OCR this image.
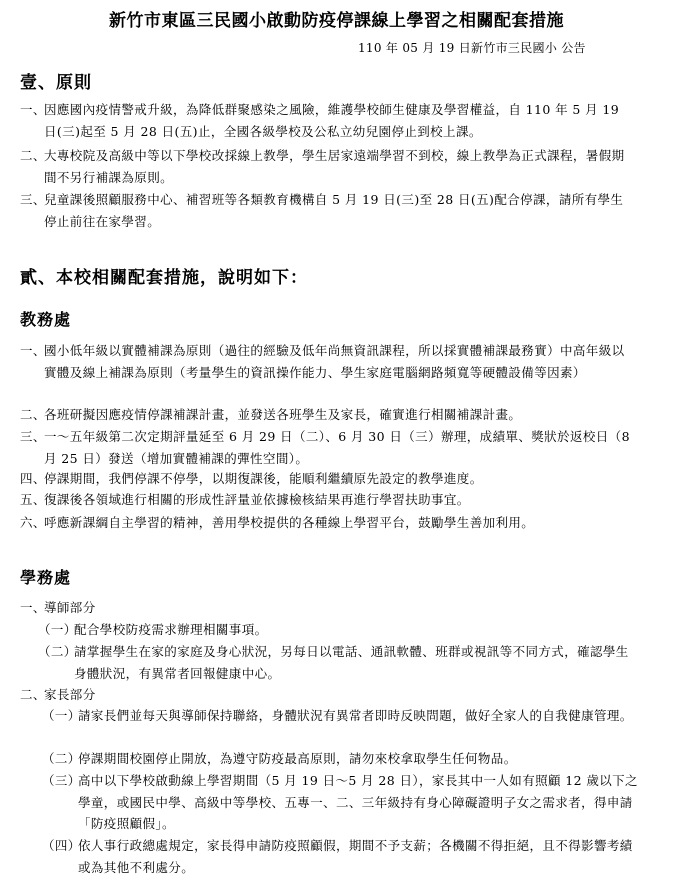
新竹市東區三民國小啟動防疫停課線上學習之相關配套措施
110 年 05 月 19 日新竹市三民國小 公告
壹、原則
一、
因應國內疫情警戒升級，為降低群聚感染之風險，維護學校師生健康及學習權益，自 110 年 5 月 19 日(三)起至 5 月 28 日(五)止，全國各級學校及公私立幼兒園停止到校上課。
二、
大專校院及高級中等以下學校改採線上教學，學生居家遠端學習不到校，線上教學為正式課程，暑假期間不另行補課為原則。
三、
兒童課後照顧服務中心、補習班等各類教育機構自 5 月 19 日(三)至 28 日(五)配合停課，請所有學生停止前往在家學習。
貳、本校相關配套措施，說明如下：
教務處
一、
國小低年級以實體補課為原則（過往的經驗及低年尚無資訊課程，所以採實體補課最務實）中高年級以實體及線上補課為原則（考量學生的資訊操作能力、學生家庭電腦網路頻寬等硬體設備等因素）
二、
各班研擬因應疫情停課補課計畫，並發送各班學生及家長，確實進行相關補課計畫。
三、
一～五年級第二次定期評量延至 6 月 29 日（二）、6 月 30 日（三）辦理，成績單、獎狀於返校日（8 月 25 日）發送（增加實體補課的彈性空間）。
四、
停課期間，我們停課不停學，以期復課後，能順利繼續原先設定的教學進度。
五、
復課後各領域進行相關的形成性評量並依據檢核結果再進行學習扶助事宜。
六、
呼應新課綱自主學習的精神，善用學校提供的各種線上學習平台，鼓勵學生善加利用。
學務處
一、
導師部分
（一）
配合學校防疫需求辦理相關事項。
（二）
請掌握學生在家的家庭及身心狀況，另每日以電話、通訊軟體、班群或視訊等不同方式，確認學生身體狀況，有異常者回報健康中心。
二、
家長部分
（一）
請家長們並每天與導師保持聯絡，身體狀況有異常者即時反映問題，做好全家人的自我健康管理。
（二）
停課期間校園停止開放，為遵守防疫最高原則，請勿來校拿取學生任何物品。
（三）
高中以下學校啟動線上學習期間（5 月 19 日～5 月 28 日），家長其中一人如有照顧 12 歲以下之學童，或國民中學、高級中等學校、五專一、二、三年級持有身心障礙證明子女之需求者，得申請「防疫照顧假」。
（四）
依人事行政總處規定，家長得申請防疫照顧假，期間不予支薪；各機關不得拒絕，且不得影響考績或為其他不利處分。
